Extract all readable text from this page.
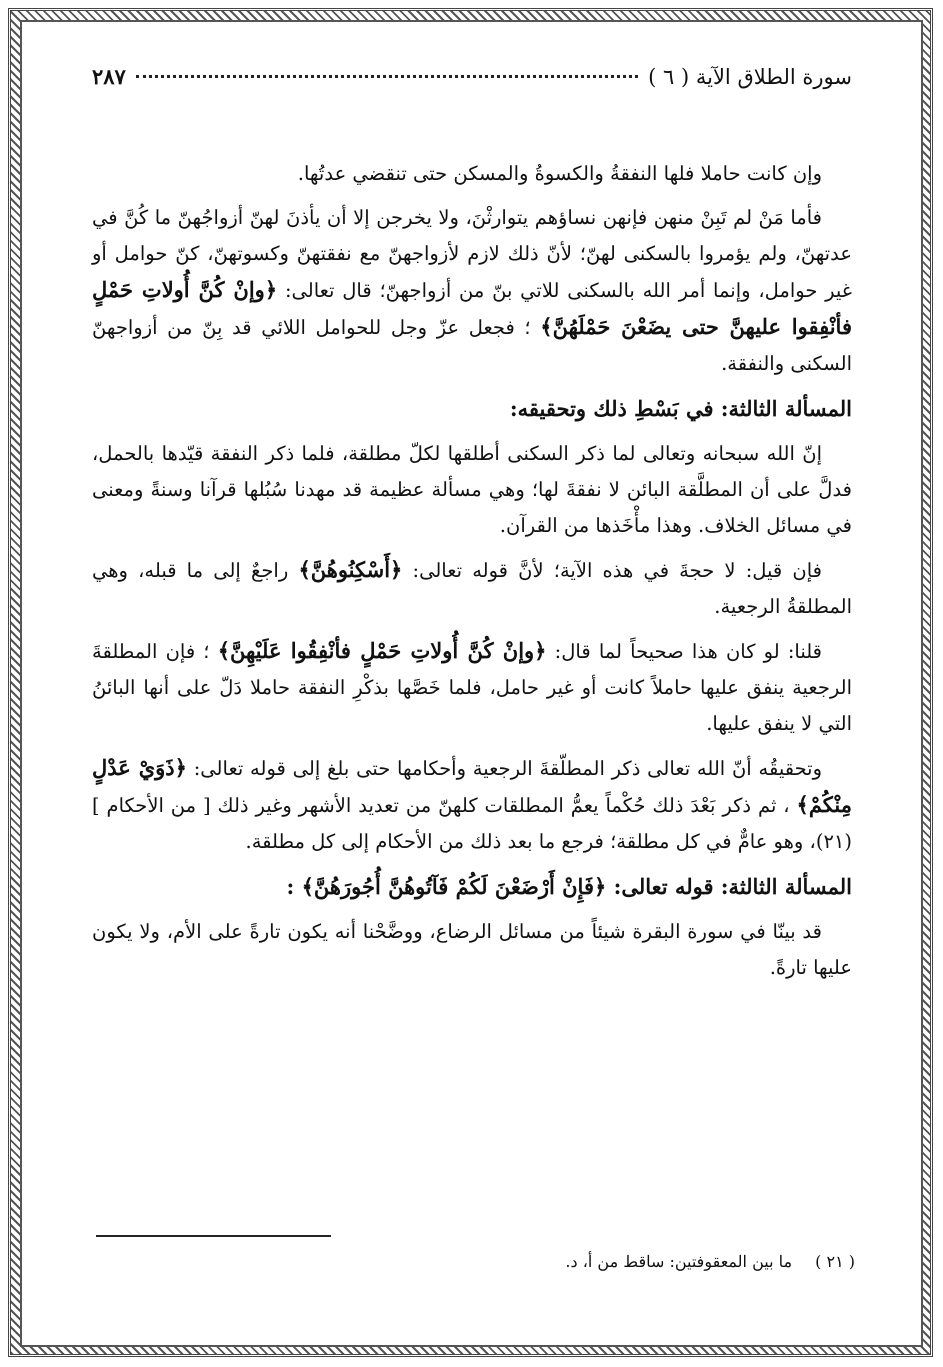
سورة الطلاق الآية ( ٦ )
٢٨٧

وإن كانت حاملا فلها النفقةُ والكسوةُ والمسكن حتى تنقضي عدتُها.

فأما مَنْ لم تَبِنْ منهن فإنهن نساؤهم يتوارثْنَ، ولا يخرجن إلا أن يأذنَ لهنّ أزواجُهنّ ما كُنَّ في عدتهنّ، ولم يؤمروا بالسكنى لهنّ؛ لأنّ ذلك لازم لأزواجهنّ مع نفقتهنّ وكسوتهنّ، كنّ حوامل أو غير حوامل، وإنما أمر الله بالسكنى للاتي بنّ من أزواجهنّ؛ قال تعالى: ﴿وإنْ كُنَّ أُولاتِ حَمْلٍ فأنْفِقوا عليهنَّ حتى يضَعْنَ حَمْلَهُنَّ﴾ ؛ فجعل عزّ وجل للحوامل اللائي قد بِنّ من أزواجهنّ السكنى والنفقة.

المسألة الثالثة: في بَسْطِ ذلك وتحقيقه:

إنّ الله سبحانه وتعالى لما ذكر السكنى أطلقها لكلّ مطلقة، فلما ذكر النفقة قيّدها بالحمل، فدلَّ على أن المطلَّقة البائن لا نفقةَ لها؛ وهي مسألة عظيمة قد مهدنا سُبُلها قرآنا وسنةً ومعنى في مسائل الخلاف. وهذا مأْخَذها من القرآن.

فإن قيل: لا حجةَ في هذه الآية؛ لأنَّ قوله تعالى: ﴿أَسْكِنُوهُنَّ﴾ راجعٌ إلى ما قبله، وهي المطلقةُ الرجعية.

قلنا: لو كان هذا صحيحاً لما قال: ﴿وإنْ كُنَّ أُولاتِ حَمْلٍ فأنْفِقُوا عَلَيْهِنَّ﴾ ؛ فإن المطلقةَ الرجعية ينفق عليها حاملاً كانت أو غير حامل، فلما خَصَّها بذكْرِ النفقة حاملا دَلّ على أنها البائنُ التي لا ينفق عليها.

وتحقيقُه أنّ الله تعالى ذكر المطلّقةَ الرجعية وأحكامها حتى بلغ إلى قوله تعالى: ﴿ذَوَيْ عَدْلٍ مِنْكُمْ﴾ ، ثم ذكر بَعْدَ ذلك حُكْماً يعمُّ المطلقات كلهنّ من تعديد الأشهر وغير ذلك [ من الأحكام ] (٢١)، وهو عامٌّ في كل مطلقة؛ فرجع ما بعد ذلك من الأحكام إلى كل مطلقة.

المسألة الثالثة: قوله تعالى: ﴿فَإِنْ أَرْضَعْنَ لَكُمْ فَآتُوهُنَّ أُجُورَهُنَّ﴾ :

قد بينّا في سورة البقرة شيئاً من مسائل الرضاع، ووضَّحْنا أنه يكون تارةً على الأم، ولا يكون عليها تارةً.

( ٢١ ) ما بين المعقوفتين: ساقط من أ، د.
